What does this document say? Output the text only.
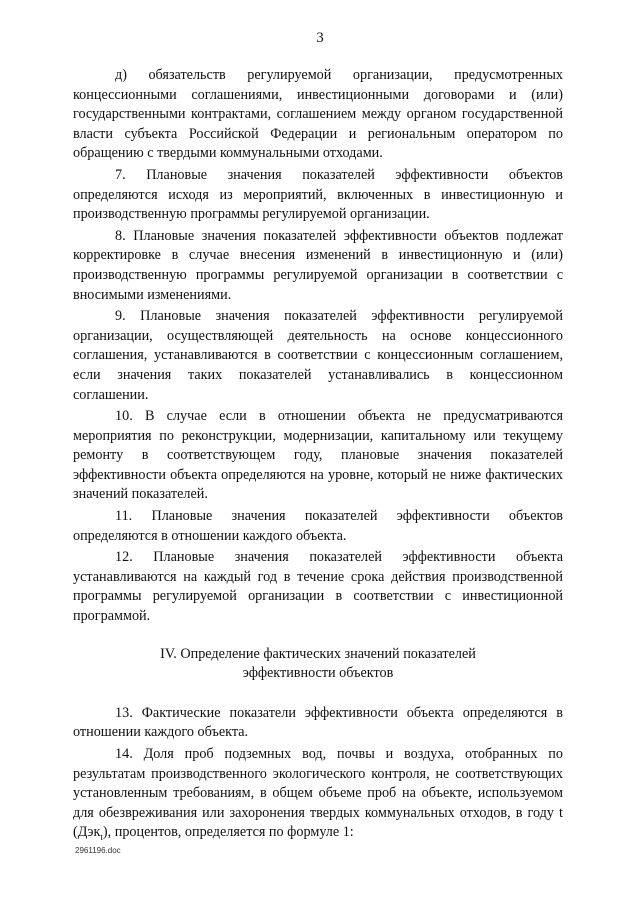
3

д) обязательств регулируемой организации, предусмотренных концессионными соглашениями, инвестиционными договорами и (или) государственными контрактами, соглашением между органом государственной власти субъекта Российской Федерации и региональным оператором по обращению с твердыми коммунальными отходами.

7. Плановые значения показателей эффективности объектов определяются исходя из мероприятий, включенных в инвестиционную и производственную программы регулируемой организации.

8. Плановые значения показателей эффективности объектов подлежат корректировке в случае внесения изменений в инвестиционную и (или) производственную программы регулируемой организации в соответствии с вносимыми изменениями.

9. Плановые значения показателей эффективности регулируемой организации, осуществляющей деятельность на основе концессионного соглашения, устанавливаются в соответствии с концессионным соглашением, если значения таких показателей устанавливались в концессионном соглашении.

10. В случае если в отношении объекта не предусматриваются мероприятия по реконструкции, модернизации, капитальному или текущему ремонту в соответствующем году, плановые значения показателей эффективности объекта определяются на уровне, который не ниже фактических значений показателей.

11. Плановые значения показателей эффективности объектов определяются в отношении каждого объекта.

12. Плановые значения показателей эффективности объекта устанавливаются на каждый год в течение срока действия производственной программы регулируемой организации в соответствии с инвестиционной программой.

IV. Определение фактических значений показателей
эффективности объектов

13. Фактические показатели эффективности объекта определяются в отношении каждого объекта.

14. Доля проб подземных вод, почвы и воздуха, отобранных по результатам производственного экологического контроля, не соответствующих установленным требованиям, в общем объеме проб на объекте, используемом для обезвреживания или захоронения твердых коммунальных отходов, в году t (Дэк$_t$), процентов, определяется по формуле 1:

2961196.doc
